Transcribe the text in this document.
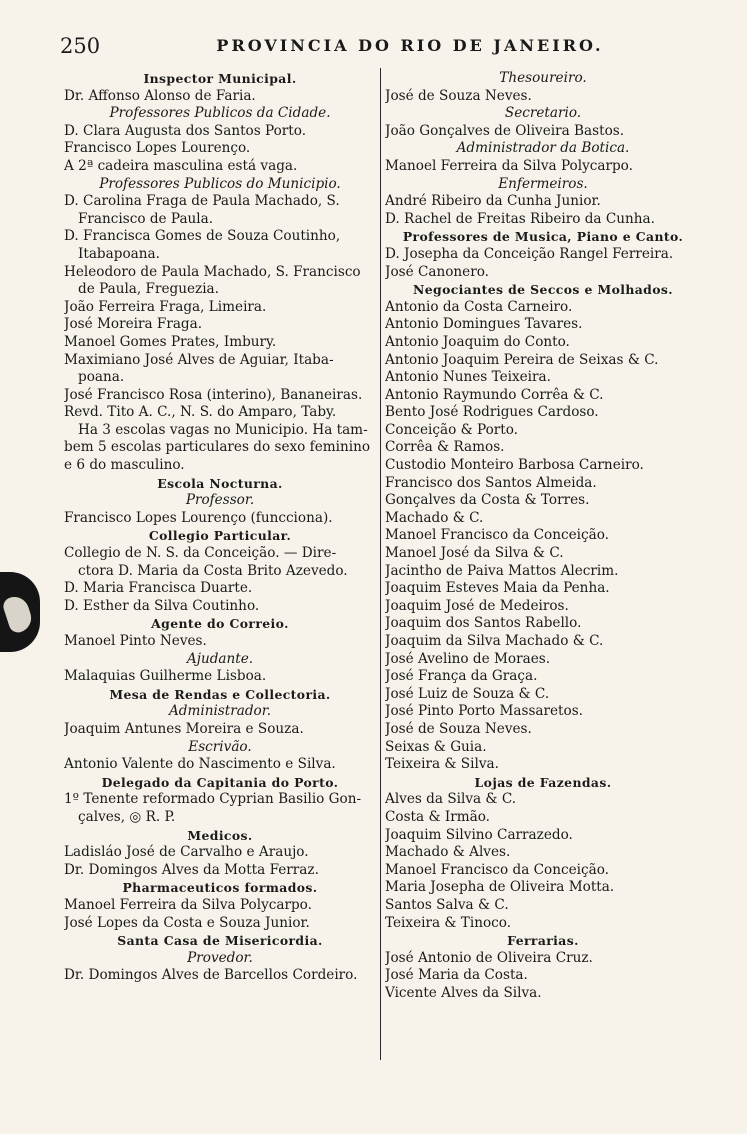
250	PROVINCIA DO RIO DE JANEIRO.
Inspector Municipal.
Dr. Affonso Alonso de Faria.
Professores Publicos da Cidade.
D. Clara Augusta dos Santos Porto.
Francisco Lopes Lourenço.
A 2ª cadeira masculina está vaga.
Professores Publicos do Municipio.
D. Carolina Fraga de Paula Machado, S.
Francisco de Paula.
D. Francisca Gomes de Souza Coutinho,
Itabapoana.
Heleodoro de Paula Machado, S. Francisco
de Paula, Freguezia.
João Ferreira Fraga, Limeira.
José Moreira Fraga.
Manoel Gomes Prates, Imbury.
Maximiano José Alves de Aguiar, Itaba-
poana.
José Francisco Rosa (interino), Bananeiras.
Revd. Tito A. C., N. S. do Amparo, Taby.
Ha 3 escolas vagas no Municipio. Ha tam-
bem 5 escolas particulares do sexo feminino
e 6 do masculino.
Escola Nocturna.
Professor.
Francisco Lopes Lourenço (funcciona).
Collegio Particular.
Collegio de N. S. da Conceição. — Dire-
ctora D. Maria da Costa Brito Azevedo.
D. Maria Francisca Duarte.
D. Esther da Silva Coutinho.
Agente do Correio.
Manoel Pinto Neves.
Ajudante.
Malaquias Guilherme Lisboa.
Mesa de Rendas e Collectoria.
Administrador.
Joaquim Antunes Moreira e Souza.
Escrivão.
Antonio Valente do Nascimento e Silva.
Delegado da Capitania do Porto.
1º Tenente reformado Cyprian Basilio Gon-
çalves, ◎ R. P.
Medicos.
Ladisláo José de Carvalho e Araujo.
Dr. Domingos Alves da Motta Ferraz.
Pharmaceuticos formados.
Manoel Ferreira da Silva Polycarpo.
José Lopes da Costa e Souza Junior.
Santa Casa de Misericordia.
Provedor.
Dr. Domingos Alves de Barcellos Cordeiro.
Thesoureiro.
José de Souza Neves.
Secretario.
João Gonçalves de Oliveira Bastos.
Administrador da Botica.
Manoel Ferreira da Silva Polycarpo.
Enfermeiros.
André Ribeiro da Cunha Junior.
D. Rachel de Freitas Ribeiro da Cunha.
Professores de Musica, Piano e Canto.
D. Josepha da Conceição Rangel Ferreira.
José Canonero.
Negociantes de Seccos e Molhados.
Antonio da Costa Carneiro.
Antonio Domingues Tavares.
Antonio Joaquim do Conto.
Antonio Joaquim Pereira de Seixas & C.
Antonio Nunes Teixeira.
Antonio Raymundo Corrêa & C.
Bento José Rodrigues Cardoso.
Conceição & Porto.
Corrêa & Ramos.
Custodio Monteiro Barbosa Carneiro.
Francisco dos Santos Almeida.
Gonçalves da Costa & Torres.
Machado & C.
Manoel Francisco da Conceição.
Manoel José da Silva & C.
Jacintho de Paiva Mattos Alecrim.
Joaquim Esteves Maia da Penha.
Joaquim José de Medeiros.
Joaquim dos Santos Rabello.
Joaquim da Silva Machado & C.
José Avelino de Moraes.
José França da Graça.
José Luiz de Souza & C.
José Pinto Porto Massaretos.
José de Souza Neves.
Seixas & Guia.
Teixeira & Silva.
Lojas de Fazendas.
Alves da Silva & C.
Costa & Irmão.
Joaquim Silvino Carrazedo.
Machado & Alves.
Manoel Francisco da Conceição.
Maria Josepha de Oliveira Motta.
Santos Salva & C.
Teixeira & Tinoco.
Ferrarias.
José Antonio de Oliveira Cruz.
José Maria da Costa.
Vicente Alves da Silva.
